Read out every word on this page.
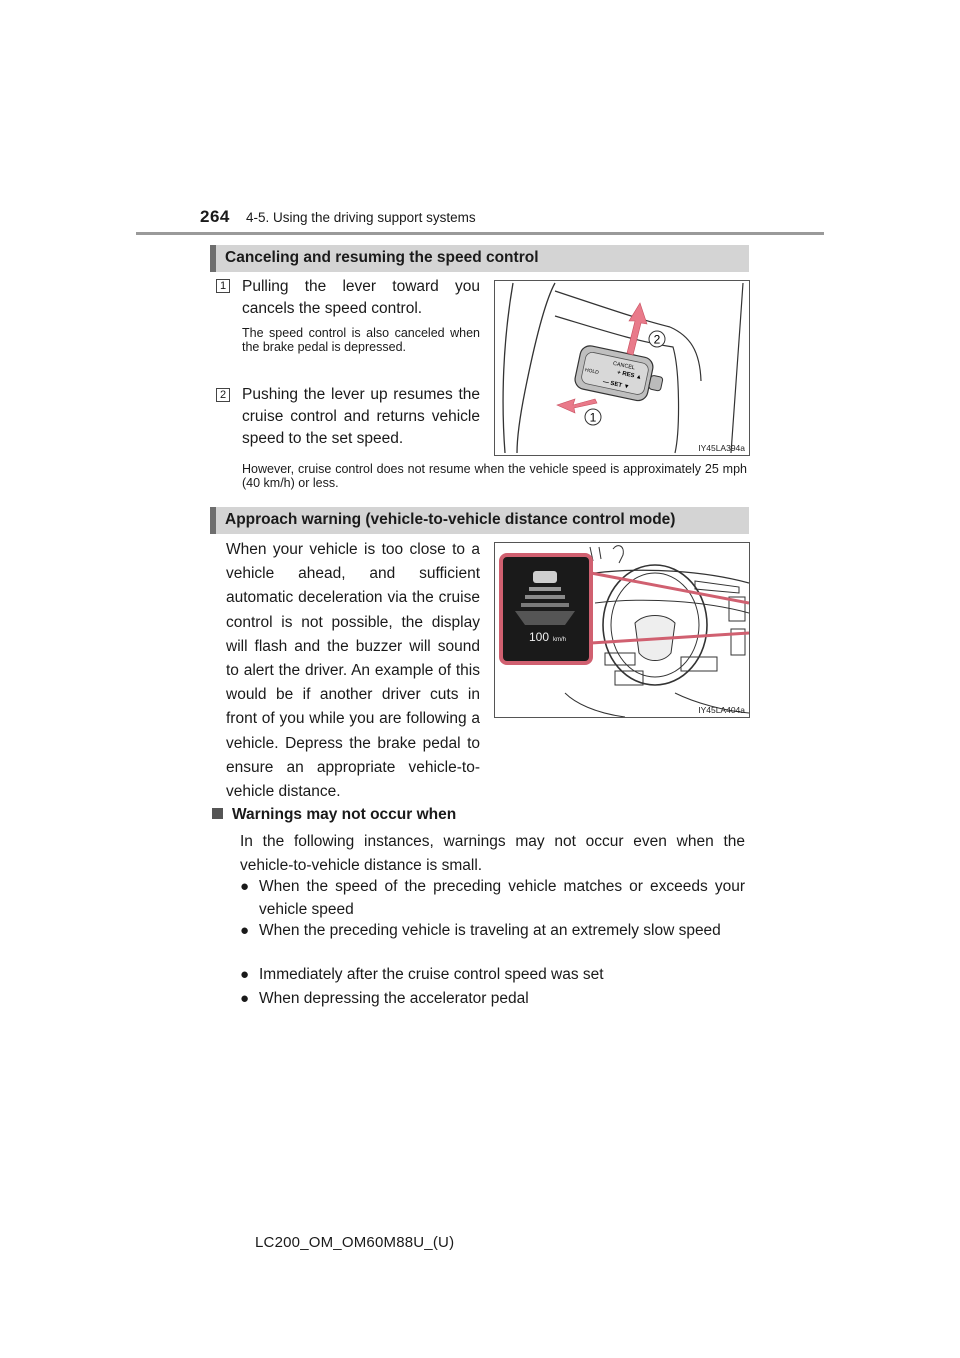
264 4-5. Using the driving support systems
Canceling and resuming the speed control
1 Pulling the lever toward you cancels the speed control.
The speed control is also canceled when the brake pedal is depressed.
2 Pushing the lever up resumes the cruise control and returns vehicle speed to the set speed.
CANCEL
+ RES ▲
HOLD
— SET ▼
2
1
IY45LA394a
However, cruise control does not resume when the vehicle speed is approximately 25 mph (40 km/h) or less.
Approach warning (vehicle-to-vehicle distance control mode)
When your vehicle is too close to a vehicle ahead, and sufficient automatic deceleration via the cruise control is not possible, the display will flash and the buzzer will sound to alert the driver. An example of this would be if another driver cuts in front of you while you are following a vehicle. Depress the brake pedal to ensure an appropriate vehicle-to-vehicle distance.
100 km/h
IY45LA404a
Warnings may not occur when
In the following instances, warnings may not occur even when the vehicle-to-vehicle distance is small.
● When the speed of the preceding vehicle matches or exceeds your vehicle speed
● When the preceding vehicle is traveling at an extremely slow speed
● Immediately after the cruise control speed was set
● When depressing the accelerator pedal
LC200_OM_OM60M88U_(U)
